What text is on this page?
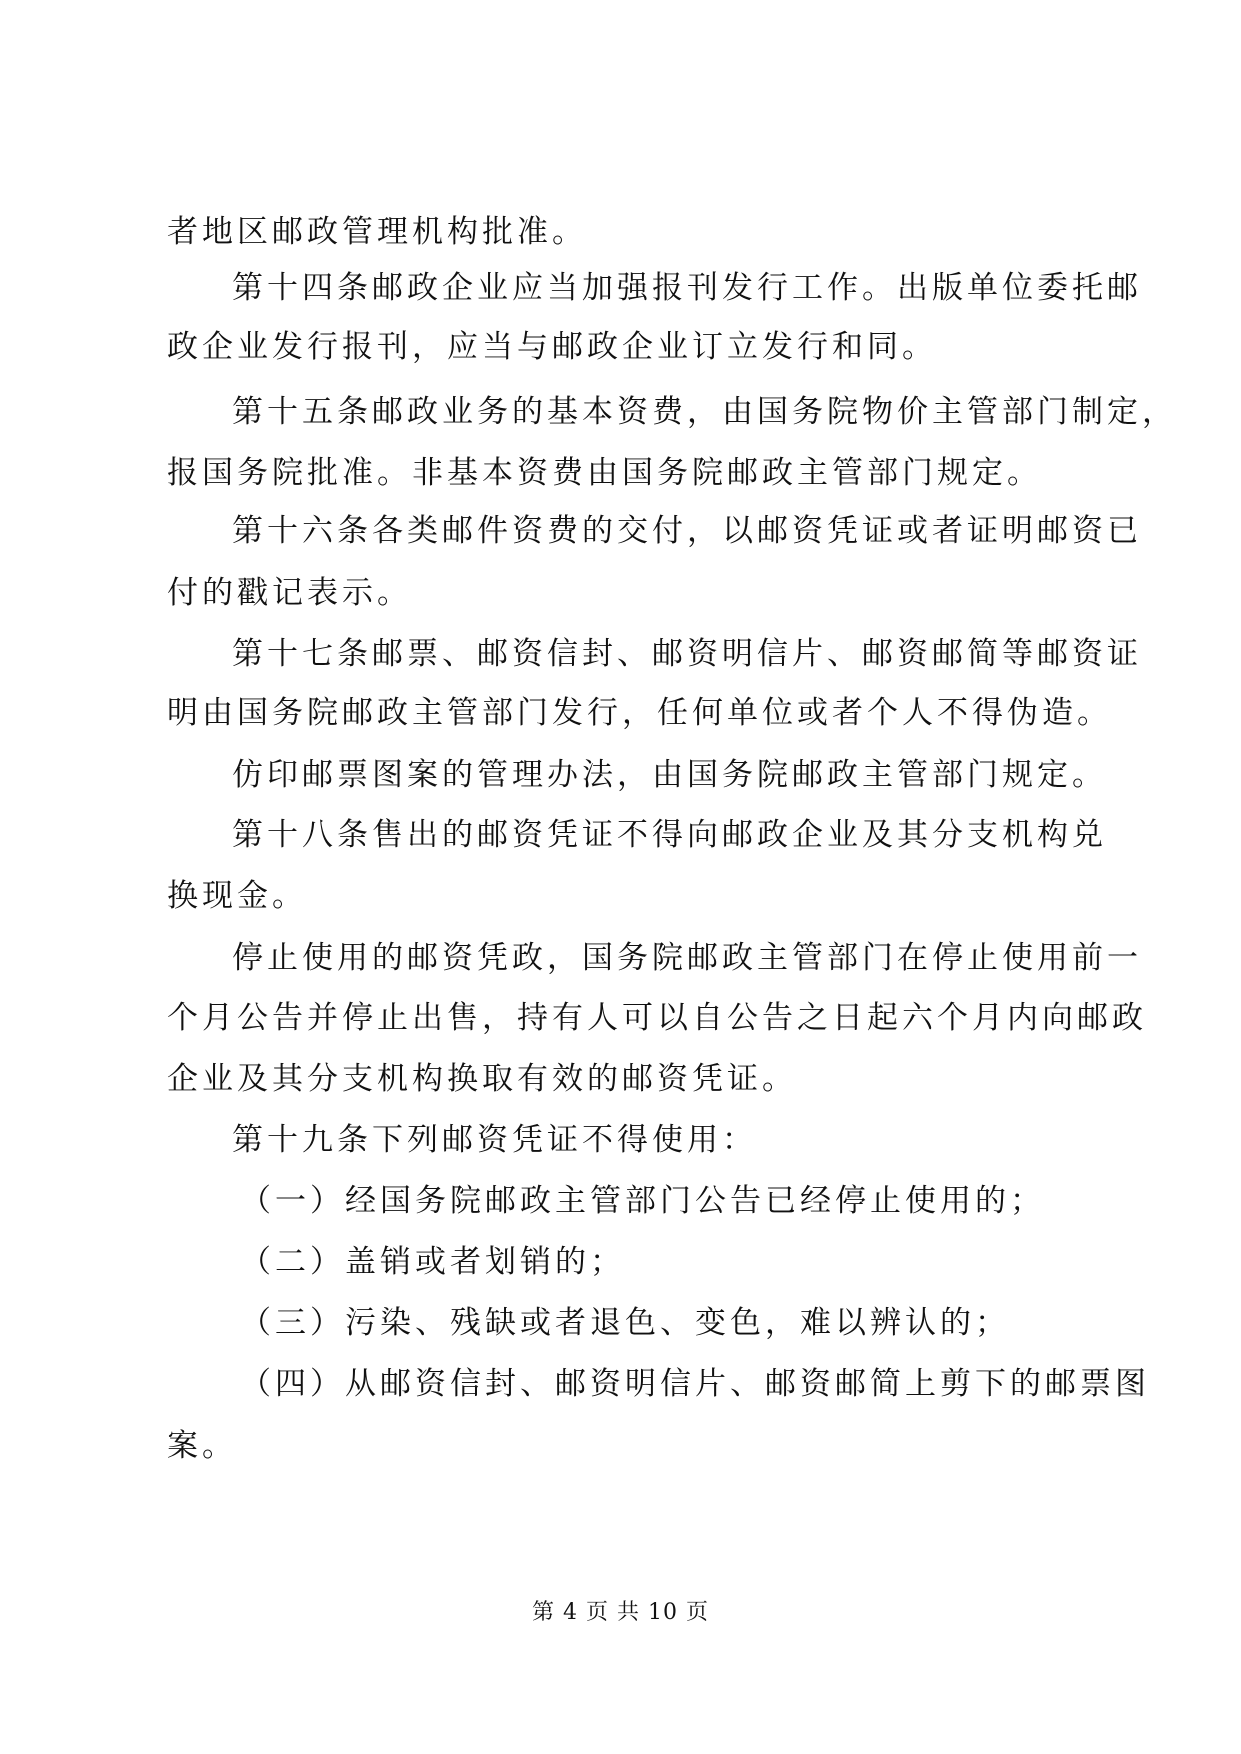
者地区邮政管理机构批准。
第十四条邮政企业应当加强报刊发行工作。出版单位委托邮
政企业发行报刊，应当与邮政企业订立发行和同。
第十五条邮政业务的基本资费，由国务院物价主管部门制定，
报国务院批准。非基本资费由国务院邮政主管部门规定。
第十六条各类邮件资费的交付，以邮资凭证或者证明邮资已
付的戳记表示。
第十七条邮票、邮资信封、邮资明信片、邮资邮简等邮资证
明由国务院邮政主管部门发行，任何单位或者个人不得伪造。
仿印邮票图案的管理办法，由国务院邮政主管部门规定。
第十八条售出的邮资凭证不得向邮政企业及其分支机构兑
换现金。
停止使用的邮资凭政，国务院邮政主管部门在停止使用前一
个月公告并停止出售，持有人可以自公告之日起六个月内向邮政
企业及其分支机构换取有效的邮资凭证。
第十九条下列邮资凭证不得使用：
（一）经国务院邮政主管部门公告已经停止使用的；
（二）盖销或者划销的；
（三）污染、残缺或者退色、变色，难以辨认的；
（四）从邮资信封、邮资明信片、邮资邮简上剪下的邮票图
案。
第 4 页 共 10 页
